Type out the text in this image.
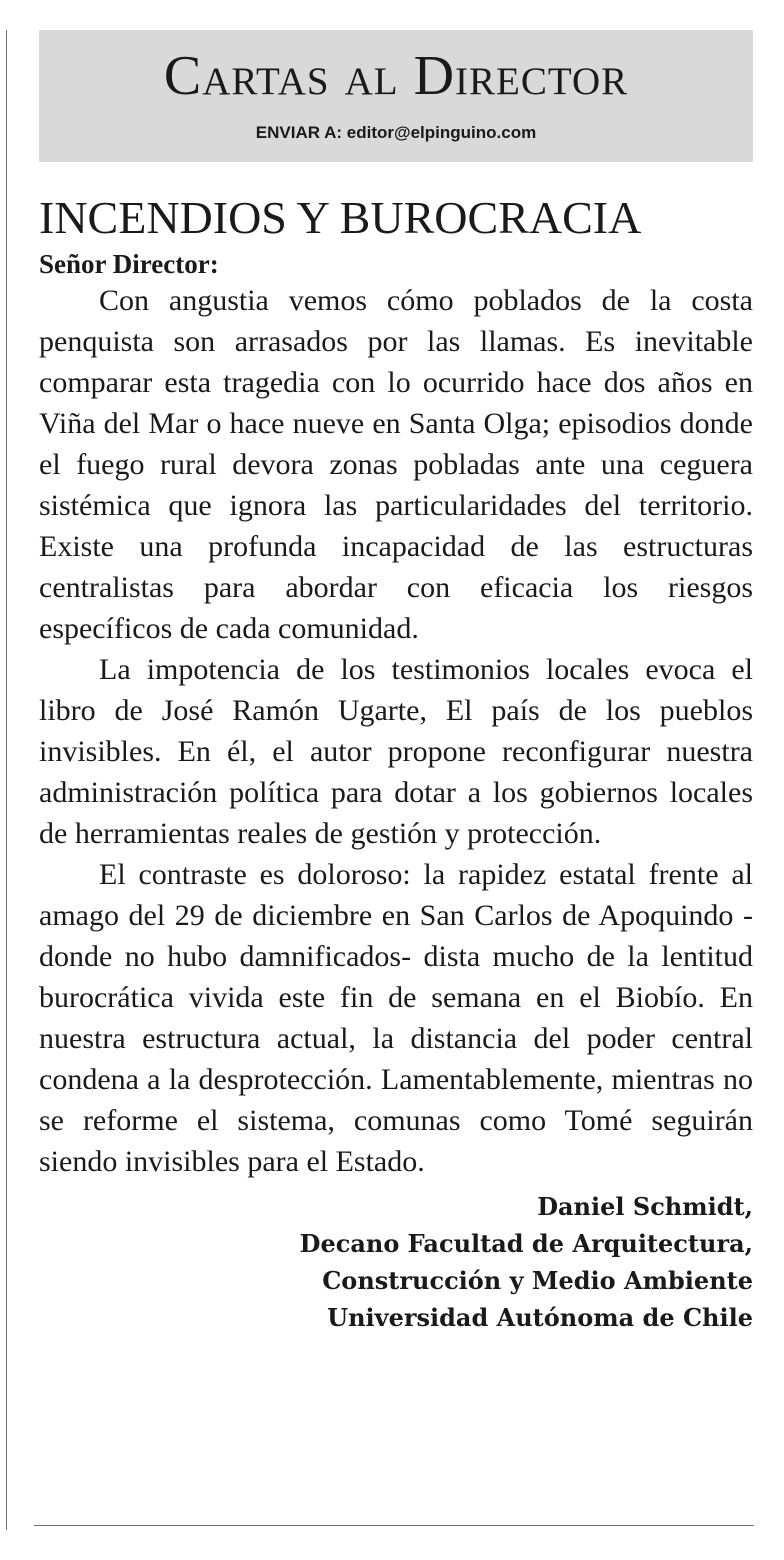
Cartas al Director
ENVIAR A: editor@elpinguino.com
INCENDIOS Y BUROCRACIA

Señor Director:

Con angustia vemos cómo poblados de la costa penquista son arrasados por las llamas. Es inevitable comparar esta tragedia con lo ocurrido hace dos años en Viña del Mar o hace nueve en Santa Olga; episodios donde el fuego rural devora zonas pobladas ante una ceguera sistémica que ignora las particularidades del territorio. Existe una profunda incapacidad de las estructuras centralistas para abordar con eficacia los riesgos específicos de cada comunidad.

La impotencia de los testimonios locales evoca el libro de José Ramón Ugarte, El país de los pueblos invisibles. En él, el autor propone reconfigurar nuestra administración política para dotar a los gobiernos locales de herramientas reales de gestión y protección.

El contraste es doloroso: la rapidez estatal frente al amago del 29 de diciembre en San Carlos de Apoquindo -donde no hubo damnificados- dista mucho de la lentitud burocrática vivida este fin de semana en el Biobío. En nuestra estructura actual, la distancia del poder central condena a la desprotección. Lamentablemente, mientras no se reforme el sistema, comunas como Tomé seguirán siendo invisibles para el Estado.

Daniel Schmidt,
Decano Facultad de Arquitectura,
Construcción y Medio Ambiente
Universidad Autónoma de Chile
